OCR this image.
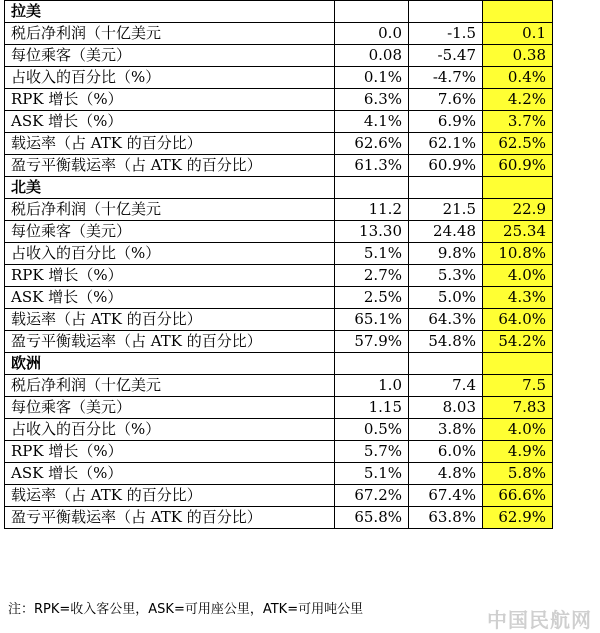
拉美			
税后净利润（十亿美元	0.0	-1.5	0.1
每位乘客（美元）	0.08	-5.47	0.38
占收入的百分比（%）	0.1%	-4.7%	0.4%
RPK 增长（%）	6.3%	7.6%	4.2%
ASK 增长（%）	4.1%	6.9%	3.7%
载运率（占 ATK 的百分比）	62.6%	62.1%	62.5%
盈亏平衡载运率（占 ATK 的百分比）	61.3%	60.9%	60.9%
北美			
税后净利润（十亿美元	11.2	21.5	22.9
每位乘客（美元）	13.30	24.48	25.34
占收入的百分比（%）	5.1%	9.8%	10.8%
RPK 增长（%）	2.7%	5.3%	4.0%
ASK 增长（%）	2.5%	5.0%	4.3%
载运率（占 ATK 的百分比）	65.1%	64.3%	64.0%
盈亏平衡载运率（占 ATK 的百分比）	57.9%	54.8%	54.2%
欧洲			
税后净利润（十亿美元	1.0	7.4	7.5
每位乘客（美元）	1.15	8.03	7.83
占收入的百分比（%）	0.5%	3.8%	4.0%
RPK 增长（%）	5.7%	6.0%	4.9%
ASK 增长（%）	5.1%	4.8%	5.8%
载运率（占 ATK 的百分比）	67.2%	67.4%	66.6%
盈亏平衡载运率（占 ATK 的百分比）	65.8%	63.8%	62.9%
注：RPK=收入客公里，ASK=可用座公里，ATK=可用吨公里	中国民航网
